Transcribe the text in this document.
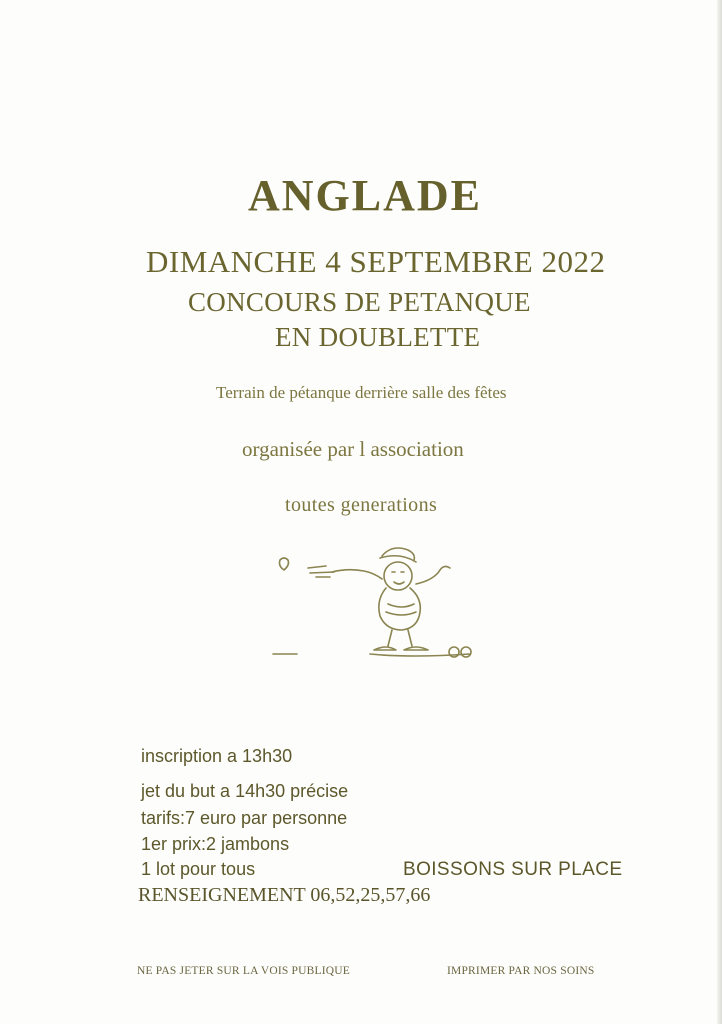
ANGLADE
DIMANCHE 4 SEPTEMBRE 2022
CONCOURS DE PETANQUE
EN DOUBLETTE
Terrain de pétanque derrière salle des fêtes
organisée par l association
toutes generations
inscription a 13h30
jet du but a 14h30 précise
tarifs:7 euro par personne
1er prix:2 jambons
1 lot pour tous	BOISSONS SUR PLACE
RENSEIGNEMENT 06,52,25,57,66
NE PAS JETER SUR LA VOIS PUBLIQUE	IMPRIMER PAR NOS SOINS
